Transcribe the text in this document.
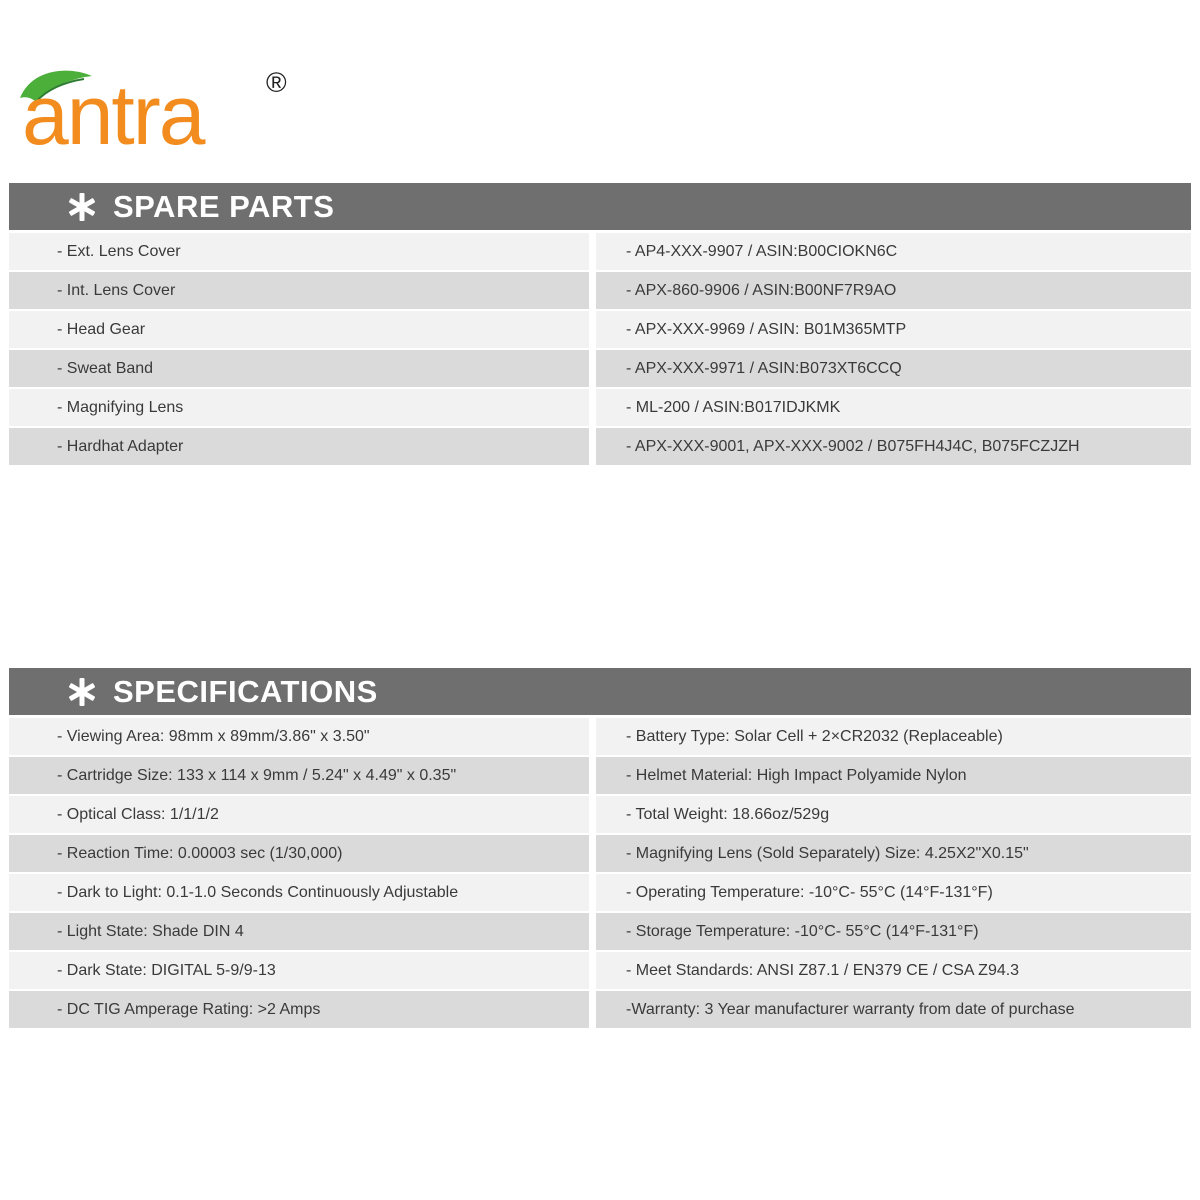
antra ®
SPARE PARTS
- Ext. Lens Cover	- AP4-XXX-9907 / ASIN:B00CIOKN6C
- Int. Lens Cover	- APX-860-9906 / ASIN:B00NF7R9AO
- Head Gear	- APX-XXX-9969 / ASIN: B01M365MTP
- Sweat Band	- APX-XXX-9971 / ASIN:B073XT6CCQ
- Magnifying Lens	- ML-200 / ASIN:B017IDJKMK
- Hardhat Adapter	- APX-XXX-9001, APX-XXX-9002 / B075FH4J4C, B075FCZJZH
SPECIFICATIONS
- Viewing Area: 98mm x 89mm/3.86" x 3.50"	- Battery Type: Solar Cell + 2×CR2032 (Replaceable)
- Cartridge Size: 133 x 114 x 9mm / 5.24" x 4.49" x 0.35"	- Helmet Material: High Impact Polyamide Nylon
- Optical Class: 1/1/1/2	- Total Weight: 18.66oz/529g
- Reaction Time: 0.00003 sec (1/30,000)	- Magnifying Lens (Sold Separately) Size: 4.25X2"X0.15"
- Dark to Light: 0.1-1.0 Seconds Continuously Adjustable	- Operating Temperature: -10°C- 55°C (14°F-131°F)
- Light State: Shade DIN 4	- Storage Temperature: -10°C- 55°C (14°F-131°F)
- Dark State: DIGITAL 5-9/9-13	- Meet Standards: ANSI Z87.1 / EN379 CE / CSA Z94.3
- DC TIG Amperage Rating: >2 Amps	-Warranty: 3 Year manufacturer warranty from date of purchase
